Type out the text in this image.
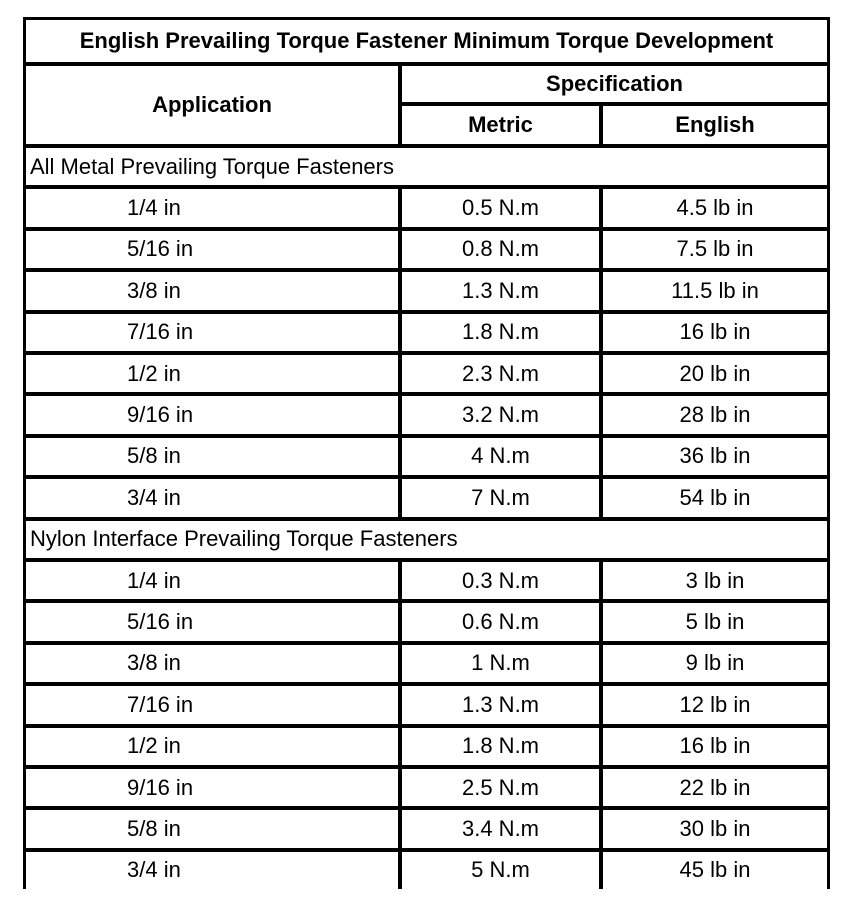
English Prevailing Torque Fastener Minimum Torque Development
Application
Specification
Metric	English
All Metal Prevailing Torque Fasteners
1/4 in	0.5 N.m	4.5 lb in
5/16 in	0.8 N.m	7.5 lb in
3/8 in	1.3 N.m	11.5 lb in
7/16 in	1.8 N.m	16 lb in
1/2 in	2.3 N.m	20 lb in
9/16 in	3.2 N.m	28 lb in
5/8 in	4 N.m	36 lb in
3/4 in	7 N.m	54 lb in
Nylon Interface Prevailing Torque Fasteners
1/4 in	0.3 N.m	3 lb in
5/16 in	0.6 N.m	5 lb in
3/8 in	1 N.m	9 lb in
7/16 in	1.3 N.m	12 lb in
1/2 in	1.8 N.m	16 lb in
9/16 in	2.5 N.m	22 lb in
5/8 in	3.4 N.m	30 lb in
3/4 in	5 N.m	45 lb in
